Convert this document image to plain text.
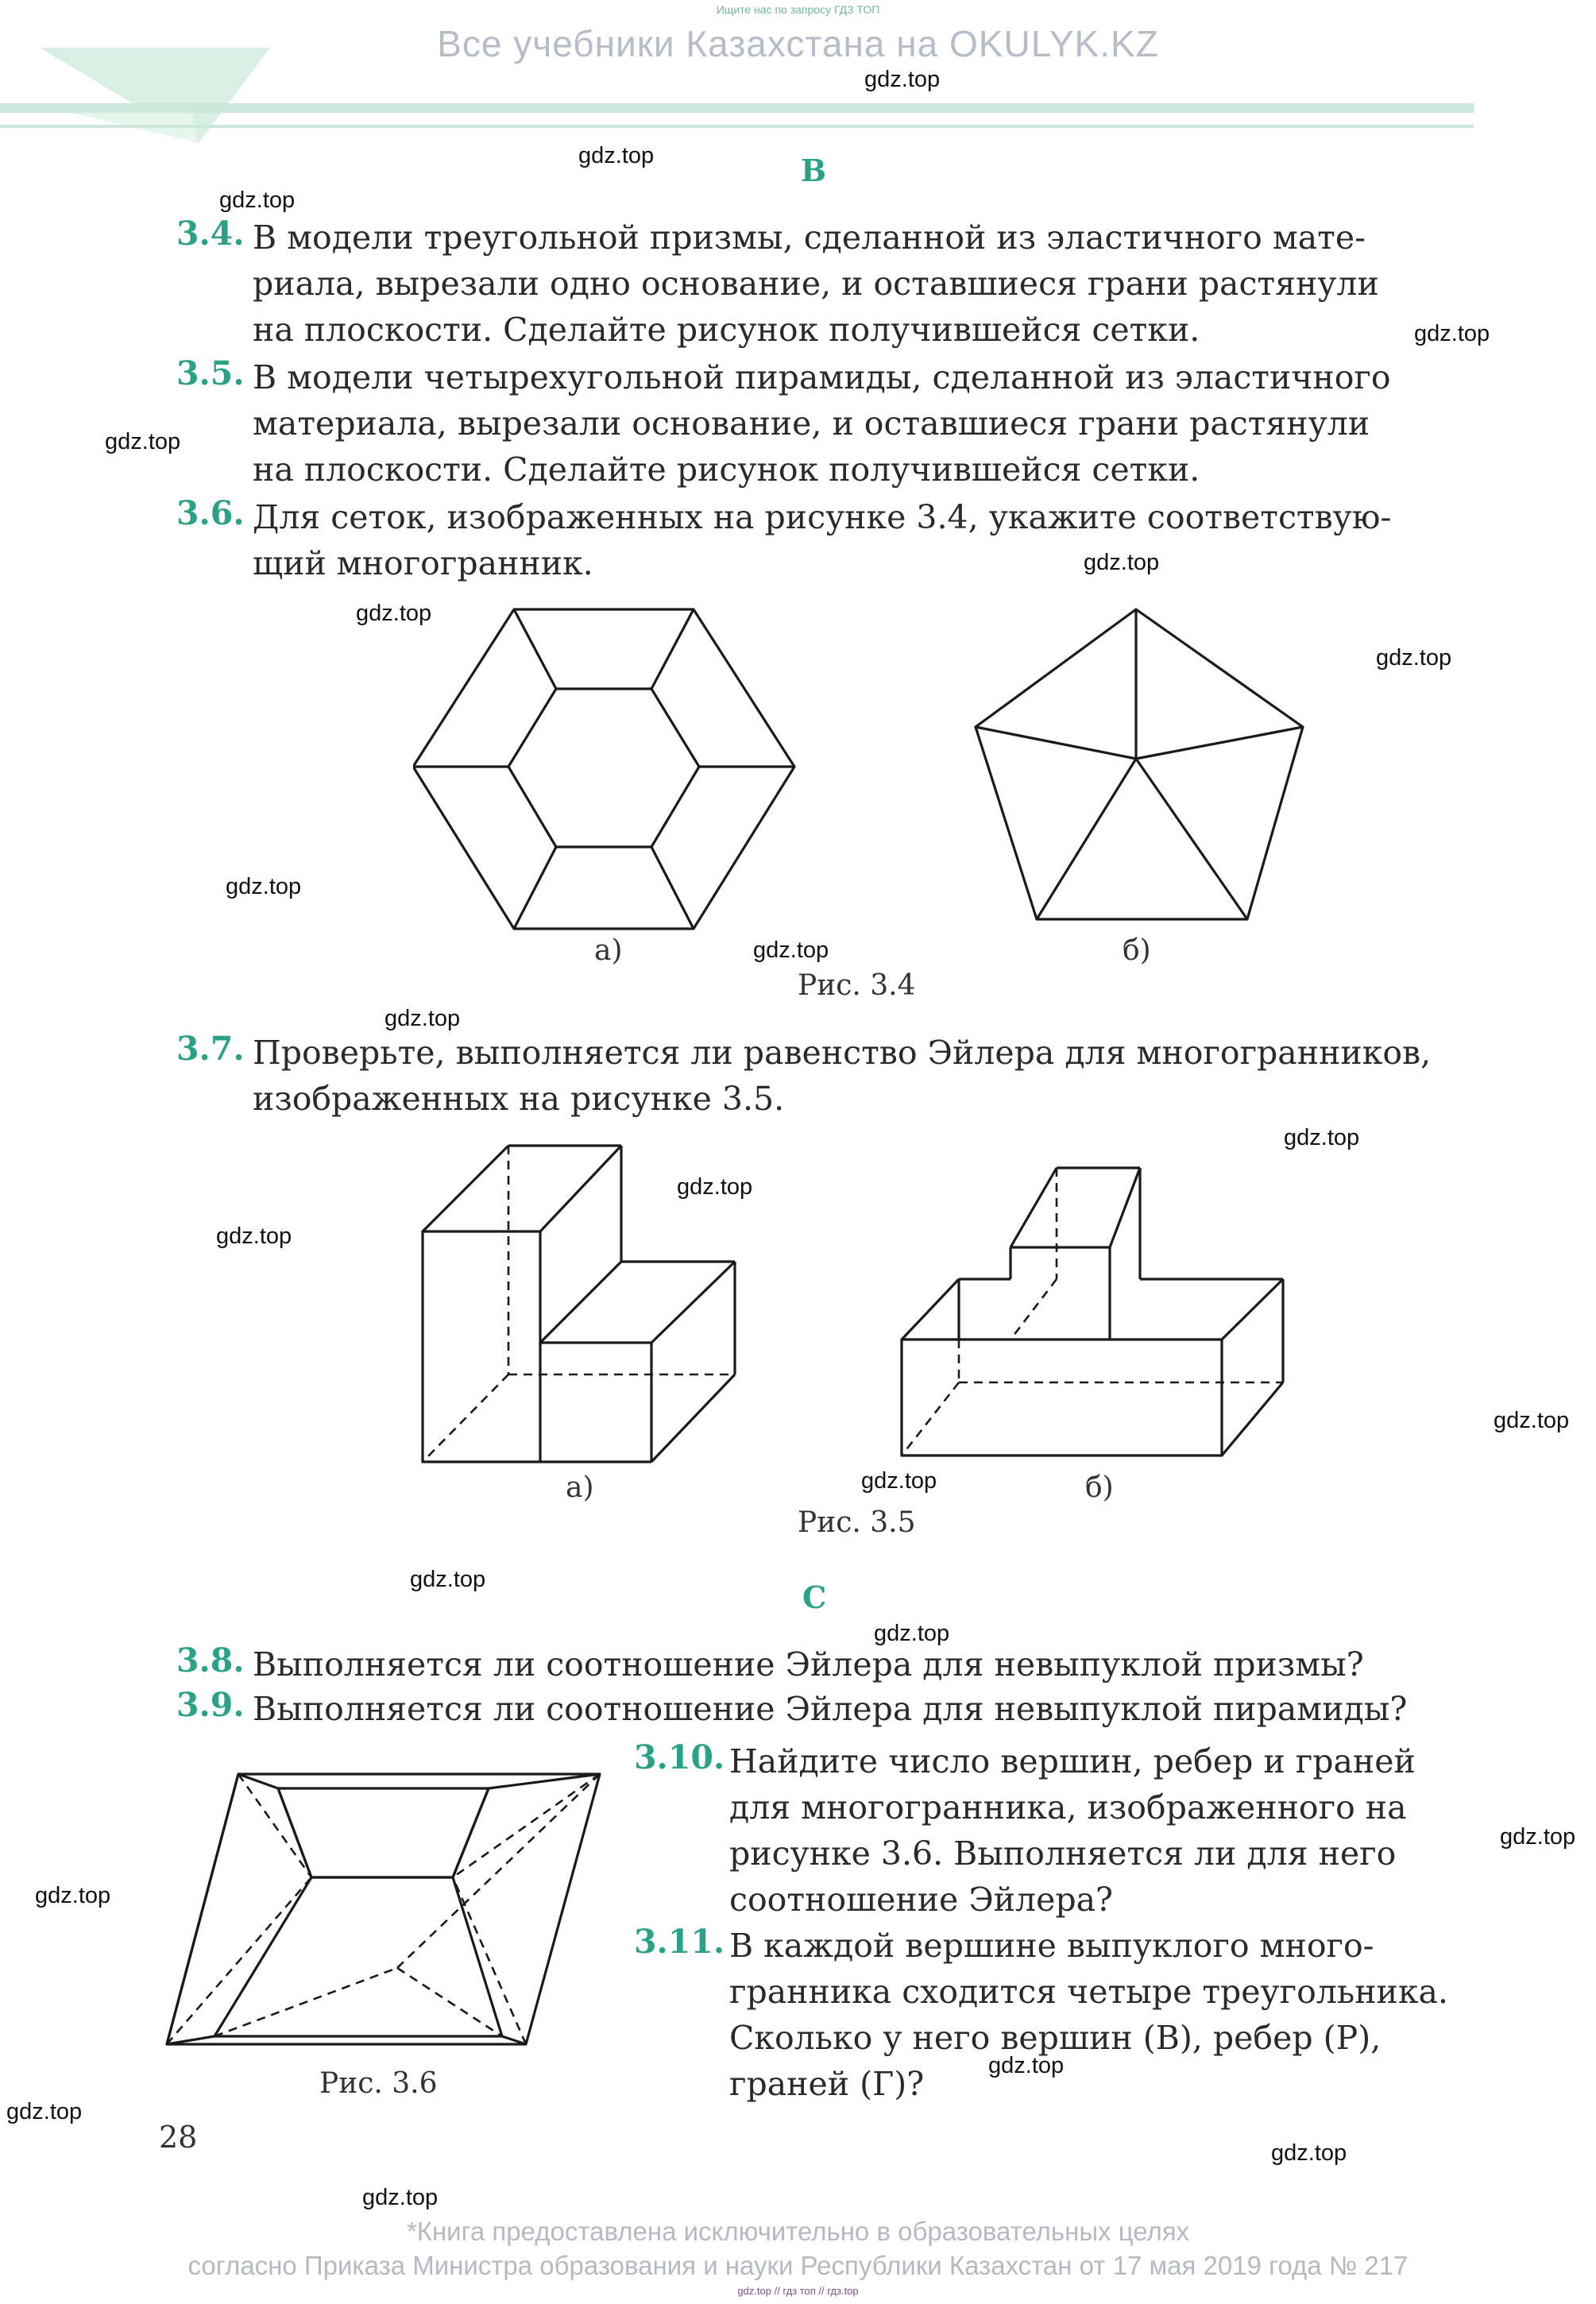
Ищите нас по запросу ГДЗ ТОП
Все учебники Казахстана на OKULYK.KZ
B
3.4. В модели треугольной призмы, сделанной из эластичного мате-
риала, вырезали одно основание, и оставшиеся грани растянули
на плоскости. Сделайте рисунок получившейся сетки.
3.5. В модели четырехугольной пирамиды, сделанной из эластичного
материала, вырезали основание, и оставшиеся грани растянули
на плоскости. Сделайте рисунок получившейся сетки.
3.6. Для сеток, изображенных на рисунке 3.4, укажите соответствую-
щий многогранник.
а)	б)
Рис. 3.4
3.7. Проверьте, выполняется ли равенство Эйлера для многогранников,
изображенных на рисунке 3.5.
а)	б)
Рис. 3.5
C
3.8. Выполняется ли соотношение Эйлера для невыпуклой призмы?
3.9. Выполняется ли соотношение Эйлера для невыпуклой пирамиды?
Рис. 3.6
3.10. Найдите число вершин, ребер и граней
для многогранника, изображенного на
рисунке 3.6. Выполняется ли для него
соотношение Эйлера?
3.11. В каждой вершине выпуклого много-
гранника сходится четыре треугольника.
Сколько у него вершин (В), ребер (Р),
граней (Г)?
28
gdz.top
gdz.top
gdz.top
gdz.top
gdz.top
gdz.top
gdz.top
gdz.top
gdz.top
gdz.top
gdz.top
gdz.top
gdz.top
gdz.top
gdz.top
gdz.top
gdz.top
gdz.top
gdz.top
gdz.top
gdz.top
gdz.top
gdz.top
gdz.top
*Книга предоставлена исключительно в образовательных целях
согласно Приказа Министра образования и науки Республики Казахстан от 17 мая 2019 года № 217
gdz.top // гдз топ // гдз.top
